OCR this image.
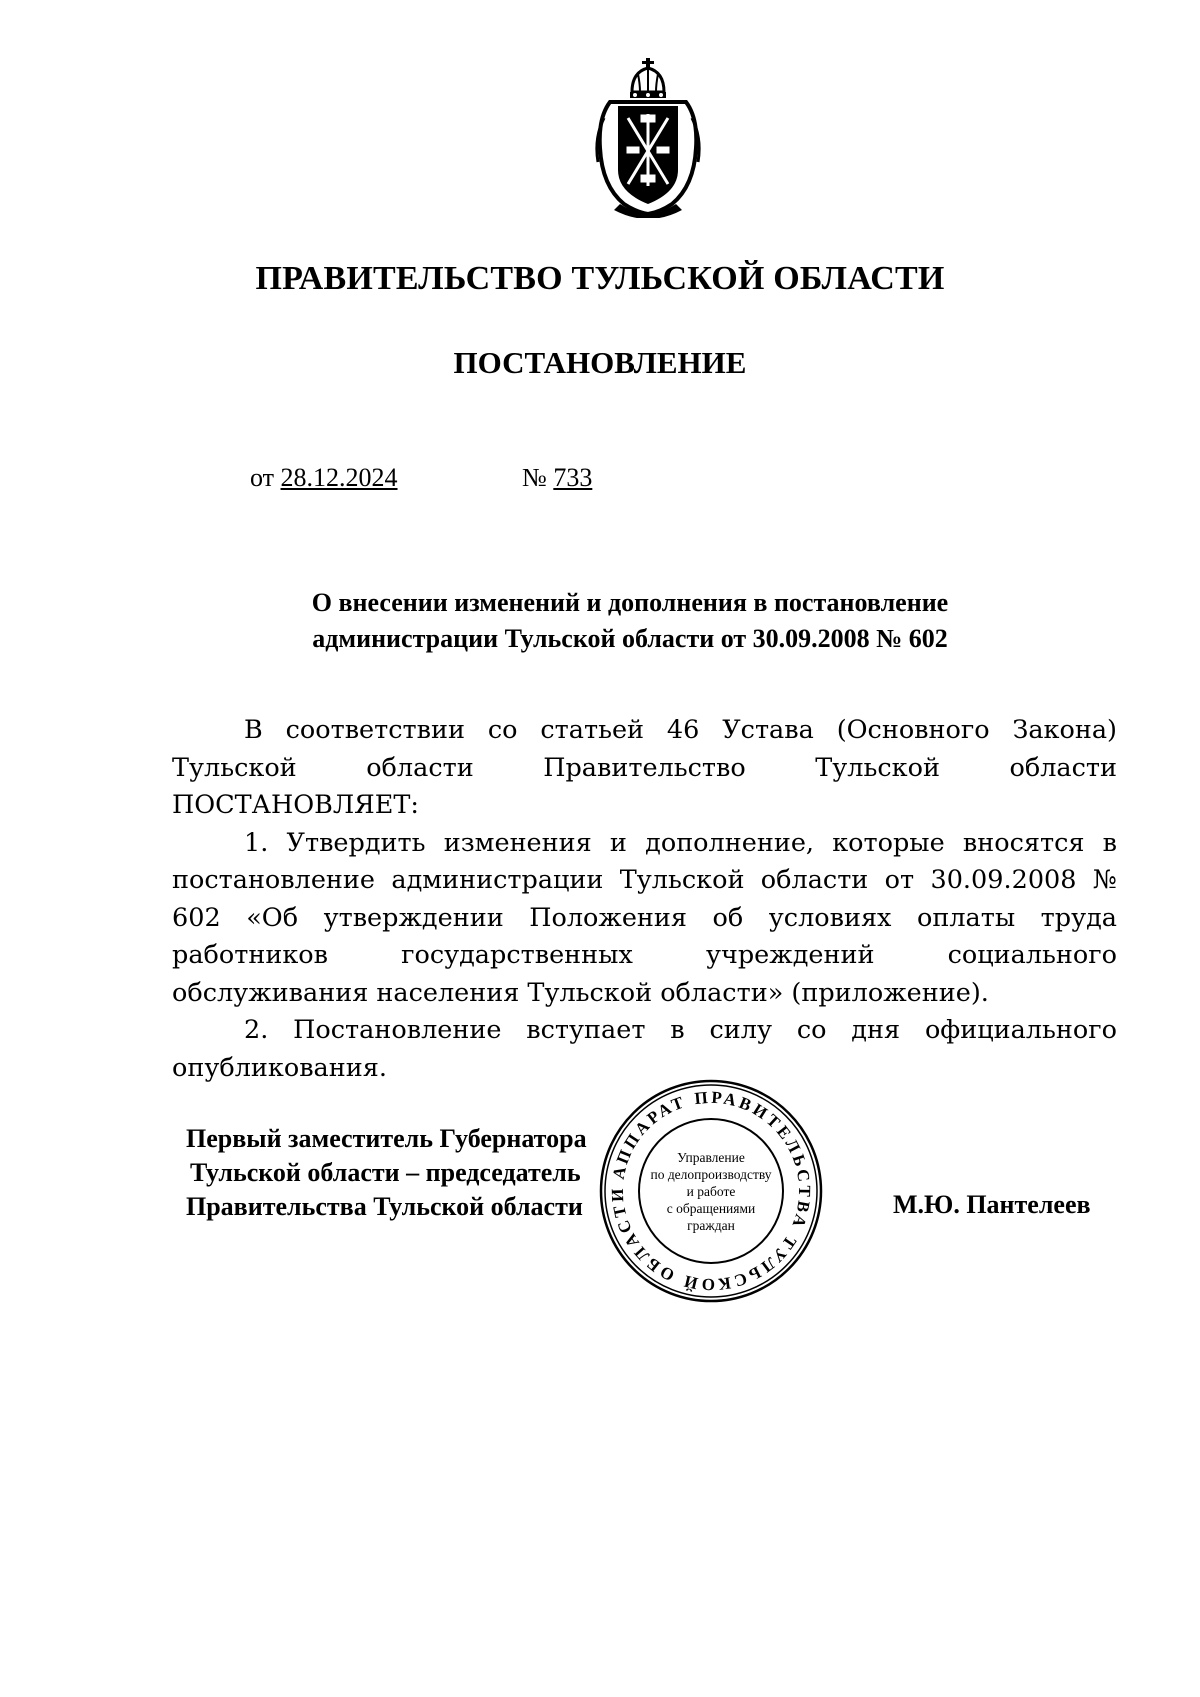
ПРАВИТЕЛЬСТВО ТУЛЬСКОЙ ОБЛАСТИ
ПОСТАНОВЛЕНИЕ
от 28.12.2024	№ 733
О внесении изменений и дополнения в постановление
администрации Тульской области от 30.09.2008 № 602

В соответствии со статьей 46 Устава (Основного Закона) Тульской области Правительство Тульской области ПОСТАНОВЛЯЕТ:

1. Утвердить изменения и дополнение, которые вносятся в постановление администрации Тульской области от 30.09.2008 № 602 «Об утверждении Положения об условиях оплаты труда работников государственных учреждений социального обслуживания населения Тульской области» (приложение).

2. Постановление вступает в силу со дня официального опубликования.

Первый заместитель Губернатора
Тульской области – председатель
Правительства Тульской области	М.Ю. Пантелеев
АППАРАТ ПРАВИТЕЛЬСТВА ТУЛЬСКОЙ ОБЛАСТИ
Управление
по делопроизводству
и работе
с обращениями
граждан
